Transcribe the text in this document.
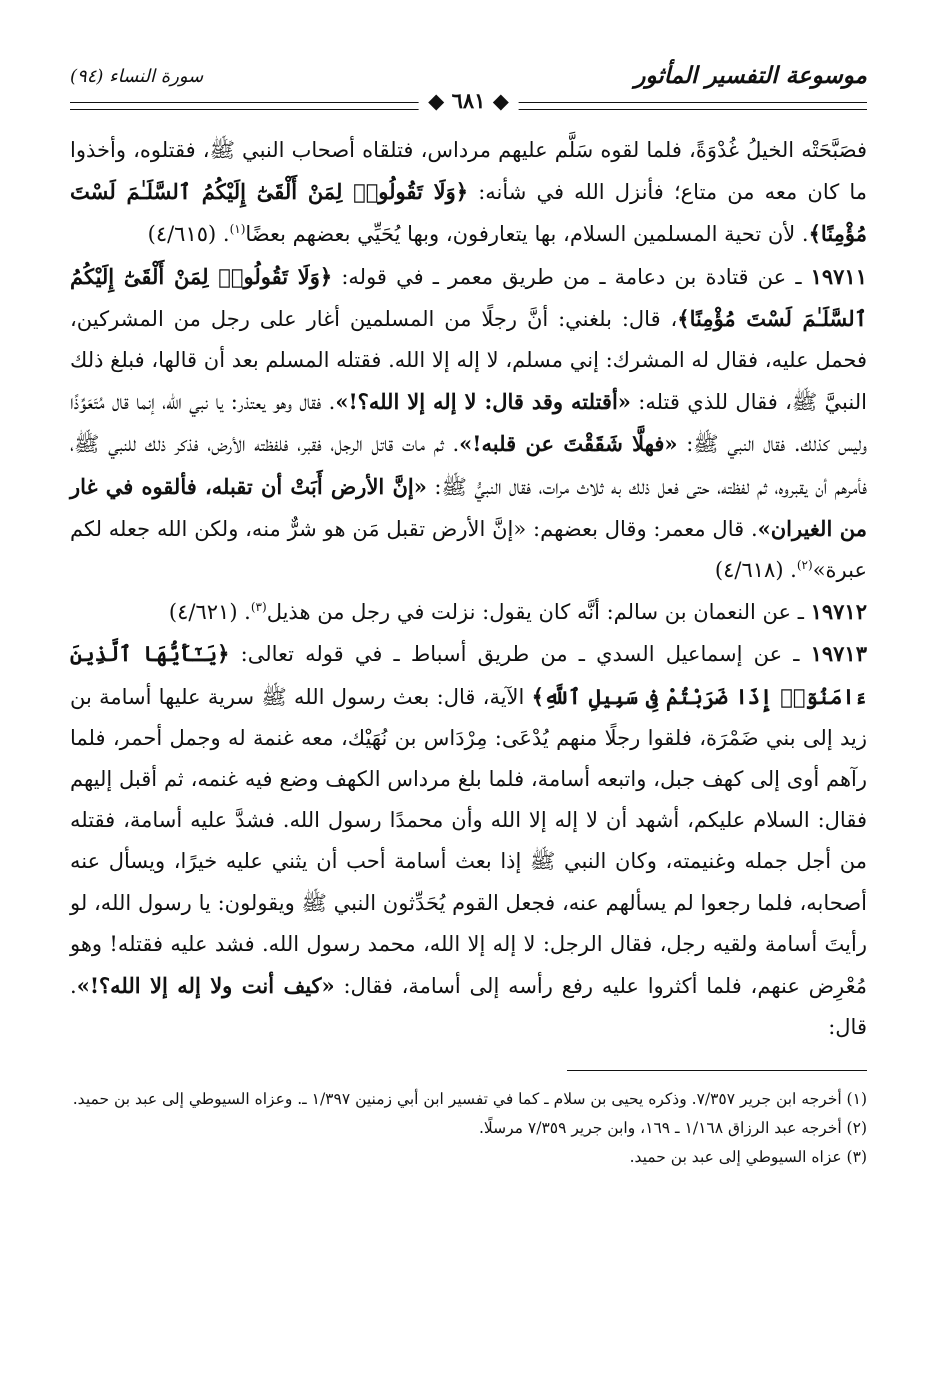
موسوعة التفسير المأثور
سورة النساء (٩٤)
◆ ٦٨١ ◆

فصَبَّحَتْه الخيلُ غُدْوَةً، فلما لقوه سَلَّم عليهم مرداس، فتلقاه أصحاب النبي ﷺ، فقتلوه، وأخذوا ما كان معه من متاع؛ فأنزل الله في شأنه: ﴿وَلَا تَقُولُوا۟ لِمَنْ أَلْقَىٰٓ إِلَيْكُمُ ٱلسَّلَـٰمَ لَسْتَ مُؤْمِنًا﴾. لأن تحية المسلمين السلام، بها يتعارفون، وبها يُحَيِّي بعضهم بعضًا$^{(١)}$. (٤/٦١٥)

١٩٧١١ ـ عن قتادة بن دعامة ـ من طريق معمر ـ في قوله: ﴿وَلَا تَقُولُوا۟ لِمَنْ أَلْقَىٰٓ إِلَيْكُمُ ٱلسَّلَـٰمَ لَسْتَ مُؤْمِنًا﴾، قال: بلغني: أنَّ رجلًا من المسلمين أغار على رجل من المشركين، فحمل عليه، فقال له المشرك: إني مسلم، لا إله إلا الله. فقتله المسلم بعد أن قالها، فبلغ ذلك النبيَّ ﷺ، فقال للذي قتله: «أقتلته وقد قال: لا إله إلا الله؟!». فقال وهو يعتذر: يا نبي الله، إنما قال مُتَعَوِّذًا وليس كذلك. فقال النبي ﷺ: «فهلَّا شَقَقْتَ عن قلبه!». ثم مات قاتل الرجل، فقبر، فلفظته الأرض، فذكر ذلك للنبي ﷺ، فأمرهم أن يقبروه، ثم لفظته، حتى فعل ذلك به ثلاث مرات، فقال النبيُّ ﷺ: «إنَّ الأرض أَبَتْ أن تقبله، فألقوه في غار من الغيران». قال معمر: وقال بعضهم: «إنَّ الأرض تقبل مَن هو شرٌّ منه، ولكن الله جعله لكم عبرة»$^{(٢)}$. (٤/٦١٨)

١٩٧١٢ ـ عن النعمان بن سالم: أنَّه كان يقول: نزلت في رجل من هذيل$^{(٣)}$. (٤/٦٢١)

١٩٧١٣ ـ عن إسماعيل السدي ـ من طريق أسباط ـ في قوله تعالى: ﴿يَـٰٓأَيُّهَا ٱلَّذِينَ ءَامَنُوٓا۟ إِذَا ضَرَبْتُمْ فِى سَبِيلِ ٱللَّهِ﴾ الآية، قال: بعث رسول الله ﷺ سرية عليها أسامة بن زيد إلى بني ضَمْرَة، فلقوا رجلًا منهم يُدْعَى: مِرْدَاس بن نُهَيْك، معه غنمة له وجمل أحمر، فلما رآهم أوى إلى كهف جبل، واتبعه أسامة، فلما بلغ مرداس الكهف وضع فيه غنمه، ثم أقبل إليهم فقال: السلام عليكم، أشهد أن لا إله إلا الله وأن محمدًا رسول الله. فشدَّ عليه أسامة، فقتله من أجل جمله وغنيمته، وكان النبي ﷺ إذا بعث أسامة أحب أن يثني عليه خيرًا، ويسأل عنه أصحابه، فلما رجعوا لم يسألهم عنه، فجعل القوم يُحَدِّثون النبي ﷺ ويقولون: يا رسول الله، لو رأيتَ أسامة ولقيه رجل، فقال الرجل: لا إله إلا الله، محمد رسول الله. فشد عليه فقتله! وهو مُعْرِض عنهم، فلما أكثروا عليه رفع رأسه إلى أسامة، فقال: «كيف أنت ولا إله إلا الله؟!». قال:

(١) أخرجه ابن جرير ٧/٣٥٧. وذكره يحيى بن سلام ـ كما في تفسير ابن أبي زمنين ١/٣٩٧ ـ. وعزاه السيوطي إلى عبد بن حميد.

(٢) أخرجه عبد الرزاق ١/١٦٨ ـ ١٦٩، وابن جرير ٧/٣٥٩ مرسلًا.

(٣) عزاه السيوطي إلى عبد بن حميد.
